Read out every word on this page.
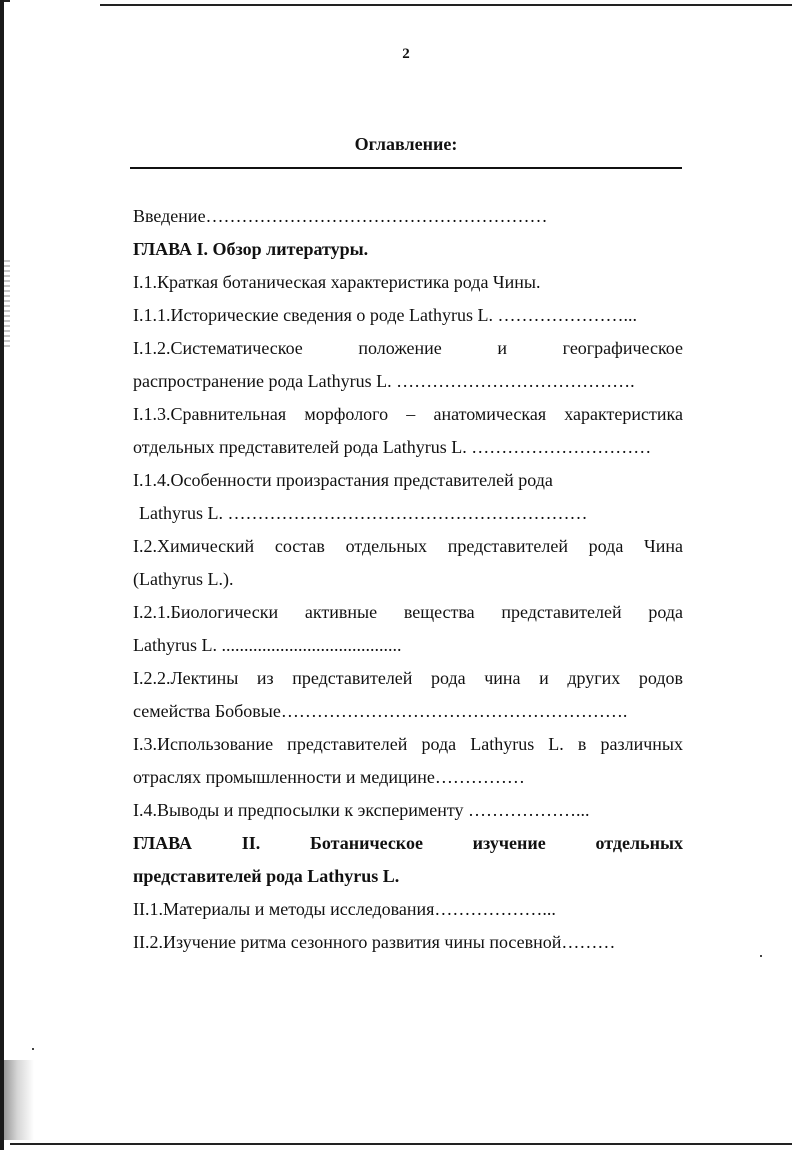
2
Оглавление:
Введение…………………………………………………
ГЛАВА I. Обзор литературы.
I.1.Краткая ботаническая характеристика рода Чины.
I.1.1.Исторические сведения о роде Lathyrus L. …………………...
I.1.2.Систематическое положение и географическое
распространение рода Lathyrus L. ………………………………….
I.1.3.Сравнительная морфолого – анатомическая характеристика
отдельных представителей рода Lathyrus L. …………………………
I.1.4.Особенности произрастания представителей рода
Lathyrus L. ……………………………………………………
I.2.Химический состав отдельных представителей рода Чина
(Lathyrus L.).
I.2.1.Биологически активные вещества представителей рода
Lathyrus L. ........................................
I.2.2.Лектины из представителей рода чина и других родов
семейства Бобовые………………………………………………….
I.3.Использование представителей рода Lathyrus L. в различных
отраслях промышленности и медицине……………
I.4.Выводы и предпосылки к эксперименту ………………...
ГЛАВА II. Ботаническое изучение отдельных
представителей рода Lathyrus L.
II.1.Материалы и методы исследования………………...
II.2.Изучение ритма сезонного развития чины посевной………
